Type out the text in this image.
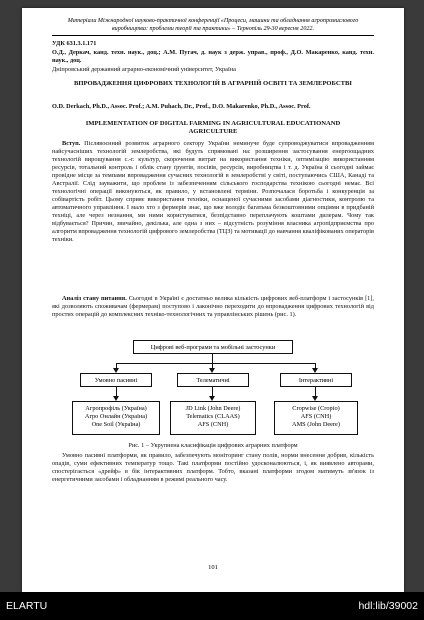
Матеріали Міжнародної науково-практичної конференції «Процеси, машини та обладнання агропромислового виробництва: проблеми теорії та практики» – Тернопіль 29-30 вересня 2022.
УДК 631.3.1.171
О.Д., Деркач, канд. техн. наук., доц.; А.М. Пугач, д. наук з держ. управ., проф., Д.О. Макаренко, канд. техн. наук., доц.
Дніпровський державний аграрно-економічний університет, Україна
ВПРОВАДЖЕННЯ ЦИФРОВИХ ТЕХНОЛОГІЙ В АГРАРНІЙ ОСВІТІ ТА ЗЕМЛЕРОБСТВІ
O.D. Derkach, Ph.D., Assoc. Prof.; A.M. Puhach, Dr., Prof., D.O. Makarenko, Ph.D., Assoc. Prof.
IMPLEMENTATION OF DIGITAL FARMING IN AGRICULTURAL EDUCATIONAND AGRICULTURE
Вступ. Післявоєнний розвиток аграрного сектору України неминуче буде супроводжуватися впровадженням найсучасніших технологій землеробства, які будуть спрямовані на: розширення застосування енергоощадних технологій вирощування с.-г. культур, скорочення витрат на використання техніки, оптимізацію використанням ресурсів, тотальний контроль і облік стану ґрунтів, посівів, ресурсів, виробництва і т. д. Україна й сьогодні займає провідне місце за темпами впровадження сучасних технологій в землеробстві у світі, поступаючись США, Канаді та Австралії. Слід зауважити, що проблем із забезпеченням сільського господарства технікою сьогодні немає. Всі технологічні операції виконуються, як правило, у встановлені терміни. Розпочалася боротьба і конкуренція за собівартість робіт. Цьому сприяє використання техніки, оснащеної сучасними засобами діагностики, контролю та автоматичного управління. І мало хто з фермерів знає, що вже володіє багатьма безкоштовними опціями в придбаній техніці, але через незнання, ми ними користуватися, безпідставно переплачують коштами дилерам. Чому так відбувається? Причин, звичайно, декілька, але одна з них – відсутність розуміння власника агропідприємства про алгоритм впровадження технологій цифрового землеробства (ТЦЗ) та мотивації до навчання кваліфікованих операторів техніки.
Аналіз стану питання. Сьогодні в Україні є достатньо велика кількість цифрових веб-платформ і застосунків [1], які дозволяють споживачам (фермерам) поступово і лаконічно переходити до впровадження цифрових технологій від простих операцій до комплексних техніко-технологічних та управлінських рішень (рис. 1).
Цифрові веб-програми та мобільні застосунки
Умовно пасивні	Телематичні	Інтерактивні
Агропрофіль (Україна)
Агро Онлайн (Україна)
One Soil (Україна)
JD Link (John Deere)
Telematics (CLAAS)
AFS (CNH)
Cropwise (Cropio)
AFS (CNH)
AMS (John Deere)
Рис. 1 – Укрупнена класифікація цифрових аграрних платформ
Умовно пасивні платформи, як правило, забезпечують моніторинг стану полів, норми внесення добрив, кількість опадів, суми ефективних температур тощо. Такі платформи постійно удосконалюються, і, як виявлено авторами, спостерігається «дрейф» в бік інтерактивних платформ. Тобто, вказані платформи згодом матимуть зв'язок із енергетичними засобами і обладнанням в режимі реального часу.
101
ELARTU	hdl:lib/39002
